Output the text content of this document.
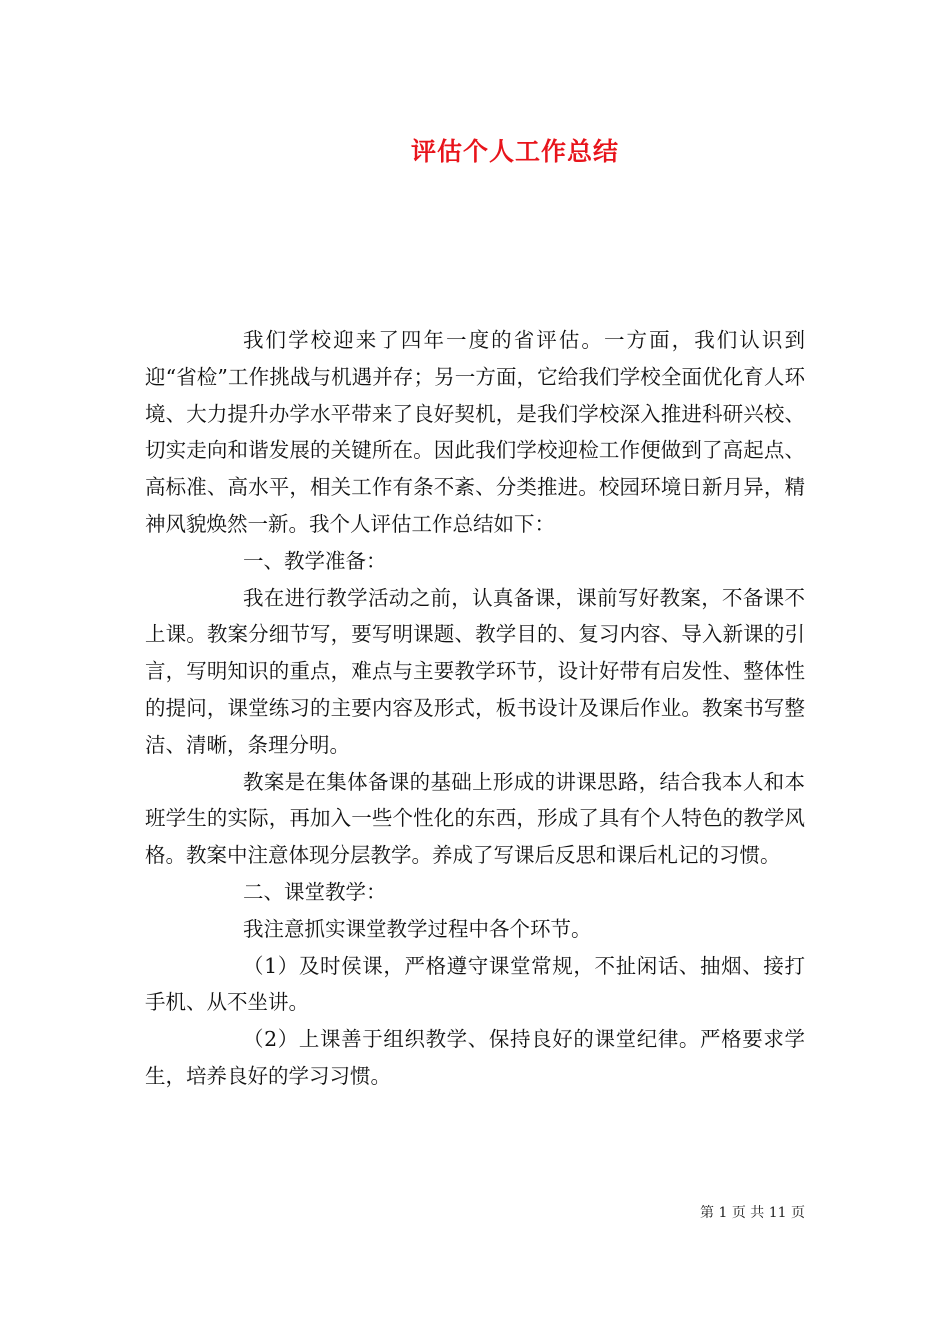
评估个人工作总结

我们学校迎来了四年一度的省评估。一方面，我们认识到迎“省检”工作挑战与机遇并存；另一方面，它给我们学校全面优化育人环境、大力提升办学水平带来了良好契机，是我们学校深入推进科研兴校、切实走向和谐发展的关键所在。因此我们学校迎检工作便做到了高起点、高标准、高水平，相关工作有条不紊、分类推进。校园环境日新月异，精神风貌焕然一新。我个人评估工作总结如下：

一、教学准备：

我在进行教学活动之前，认真备课，课前写好教案，不备课不上课。教案分细节写，要写明课题、教学目的、复习内容、导入新课的引言，写明知识的重点，难点与主要教学环节，设计好带有启发性、整体性的提问，课堂练习的主要内容及形式，板书设计及课后作业。教案书写整洁、清晰，条理分明。

教案是在集体备课的基础上形成的讲课思路，结合我本人和本班学生的实际，再加入一些个性化的东西，形成了具有个人特色的教学风格。教案中注意体现分层教学。养成了写课后反思和课后札记的习惯。

二、课堂教学：

我注意抓实课堂教学过程中各个环节。

（1）及时侯课，严格遵守课堂常规，不扯闲话、抽烟、接打手机、从不坐讲。

（2）上课善于组织教学、保持良好的课堂纪律。严格要求学生，培养良好的学习习惯。

第 1 页 共 11 页
